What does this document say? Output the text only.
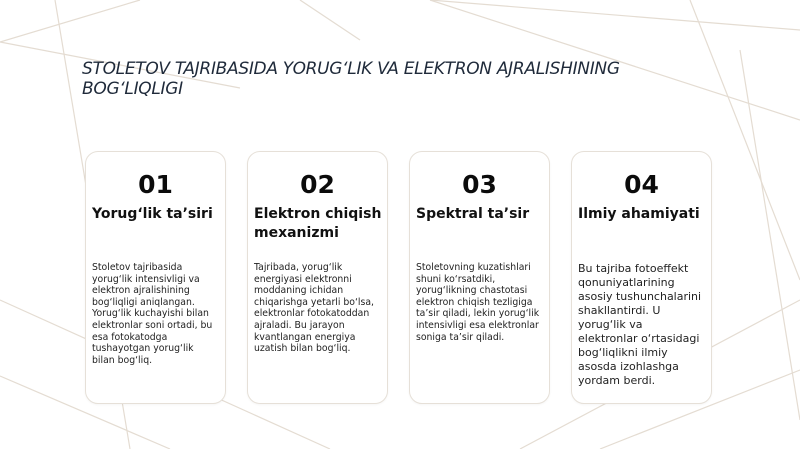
STOLETOV TAJRIBASIDA YORUG‘LIK VA ELEKTRON AJRALISHINING BOG‘LIQLIGI
01
Yorug‘lik ta’siri
Stoletov tajribasida yorug‘lik intensivligi va elektron ajralishining bog‘liqligi aniqlangan. Yorug‘lik kuchayishi bilan elektronlar soni ortadi, bu esa fotokatodga tushayotgan yorug‘lik bilan bog‘liq.
02
Elektron chiqish mexanizmi
Tajribada, yorug‘lik energiyasi elektronni moddaning ichidan chiqarishga yetarli bo‘lsa, elektronlar fotokatoddan ajraladi. Bu jarayon kvantlangan energiya uzatish bilan bog‘liq.
03
Spektral ta’sir
Stoletovning kuzatishlari shuni ko‘rsatdiki, yorug‘likning chastotasi elektron chiqish tezligiga ta’sir qiladi, lekin yorug‘lik intensivligi esa elektronlar soniga ta’sir qiladi.
04
Ilmiy ahamiyati
Bu tajriba fotoeffekt qonuniyatlarining asosiy tushunchalarini shakllantirdi. U yorug‘lik va elektronlar o‘rtasidagi bog‘liqlikni ilmiy asosda izohlashga yordam berdi.
